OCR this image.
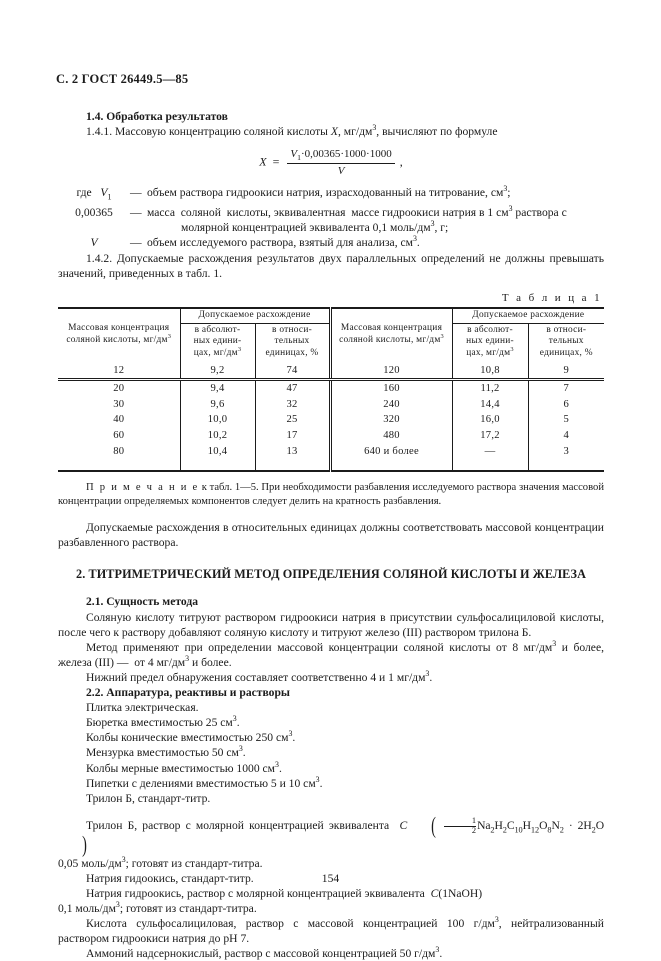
С. 2 ГОСТ 26449.5—85

1.4. Обработка результатов

1.4.1. Массовую концентрацию соляной кислоты X, $мг/дм^3$, вычисляют по формуле

$X = \frac{V_1\cdot 0,00365\cdot 1000\cdot 1000}{V}$ ,
где   $V_1$	— объем раствора гидроокиси натрия, израсходованный на титрование, $см^3$;
0,00365	— масса  соляной  кислоты, эквивалентная  массе гидроокиси натрия в 1 $см^3$ раствора с
молярной концентрацией эквивалента 0,1 моль/$дм^3$, г;
V	— объем исследуемого раствора, взятый для анализа, $см^3$.

1.4.2. Допускаемые расхождения результатов двух параллельных определений не должны превышать значений, приведенных в табл. 1.

Т а б л и ц а 1
Массовая концентрация
соляной кислоты, $мг/дм^3$	Допускаемое расхождение		Массовая концентрация
соляной кислоты, $мг/дм^3$	Допускаемое расхождение	
	в абсолют-
ных едини-
цах, $мг/дм^3$	в относи-
тельных
единицах, %		в абсолют-
ных едини-
цах, $мг/дм^3$	в относи-
тельных
единицах, %
12	9,2	74	120	10,8	9
20	9,4	47	160	11,2	7
30	9,6	32	240	14,4	6
40	10,0	25	320	16,0	5
60	10,2	17	480	17,2	4
80	10,4	13	640 и более	—	3

П р и м е ч а н и е к табл. 1—5. При необходимости разбавления исследуемого раствора значения массовой концентрации определяемых компонентов следует делить на кратность разбавления.

Допускаемые расхождения в относительных единицах должны соответствовать массовой концентрации разбавленного раствора.

2. ТИТРИМЕТРИЧЕСКИЙ МЕТОД ОПРЕДЕЛЕНИЯ СОЛЯНОЙ КИСЛОТЫ И ЖЕЛЕЗА

2.1. Сущность метода

Соляную кислоту титруют раствором гидроокиси натрия в присутствии сульфосалициловой кислоты, после чего к раствору добавляют соляную кислоту и титруют железо (III) раствором трилона Б.

Метод применяют при определении массовой концентрации соляной кислоты от 8 $мг/дм^3$ и более, железа (III) —  от 4 $мг/дм^3$ и более.

Нижний предел обнаружения составляет соответственно 4 и 1 $мг/дм^3$.

2.2. Аппаратура, реактивы и растворы

Плитка электрическая.

Бюретка вместимостью 25 $см^3$.

Колбы конические вместимостью 250 $см^3$.

Мензурка вместимостью 50 $см^3$.

Колбы мерные вместимостью 1000 $см^3$.

Пипетки с делениями вместимостью 5 и 10 $см^3$.

Трилон Б, стандарт-титр.

Трилон Б, раствор с молярной концентрацией эквивалента C ( $\frac{1}{2} Na_2H_2C_{10}H_{12}O_8N_2 \cdot 2H_2O$)

0,05 моль/$дм^3$; готовят из стандарт-титра.

Натрия гидоокись, стандарт-титр.

Натрия гидроокись, раствор с молярной концентрацией эквивалента C(1NaOH)

0,1 моль/$дм^3$; готовят из стандарт-титра.

Кислота сульфосалициловая, раствор с массовой концентрацией 100 $г/дм^3$, нейтрализованный раствором гидроокиси натрия до pH 7.

Аммоний надсернокислый, раствор с массовой концентрацией 50 $г/дм^3$.

154
